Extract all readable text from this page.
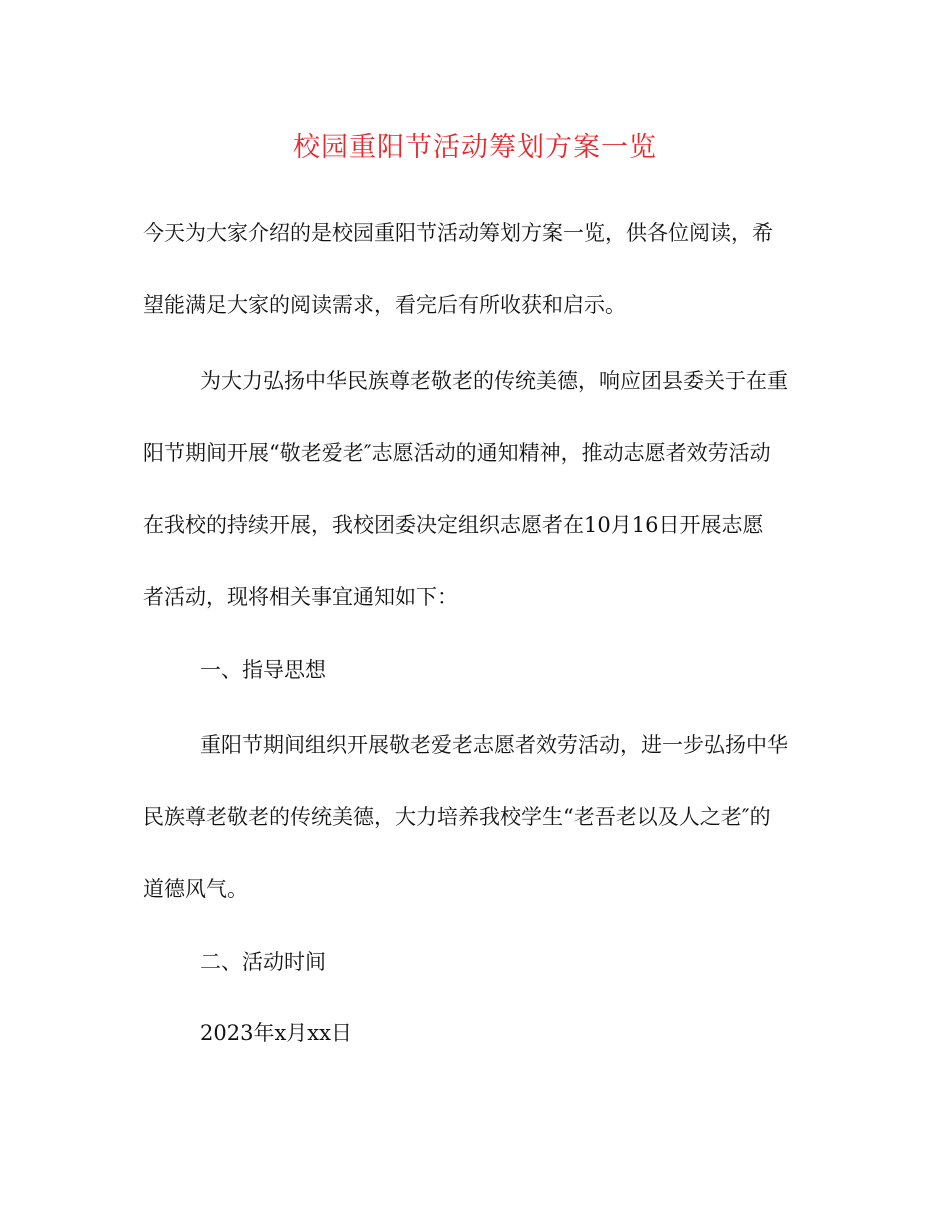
校园重阳节活动筹划方案一览

今天为大家介绍的是校园重阳节活动筹划方案一览，供各位阅读，希

望能满足大家的阅读需求，看完后有所收获和启示。

为大力弘扬中华民族尊老敬老的传统美德，响应团县委关于在重

阳节期间开展“敬老爱老″志愿活动的通知精神，推动志愿者效劳活动

在我校的持续开展，我校团委决定组织志愿者在10月16日开展志愿

者活动，现将相关事宜通知如下：

一、指导思想

重阳节期间组织开展敬老爱老志愿者效劳活动，进一步弘扬中华

民族尊老敬老的传统美德，大力培养我校学生“老吾老以及人之老″的

道德风气。

二、活动时间

2023年x月xx日
